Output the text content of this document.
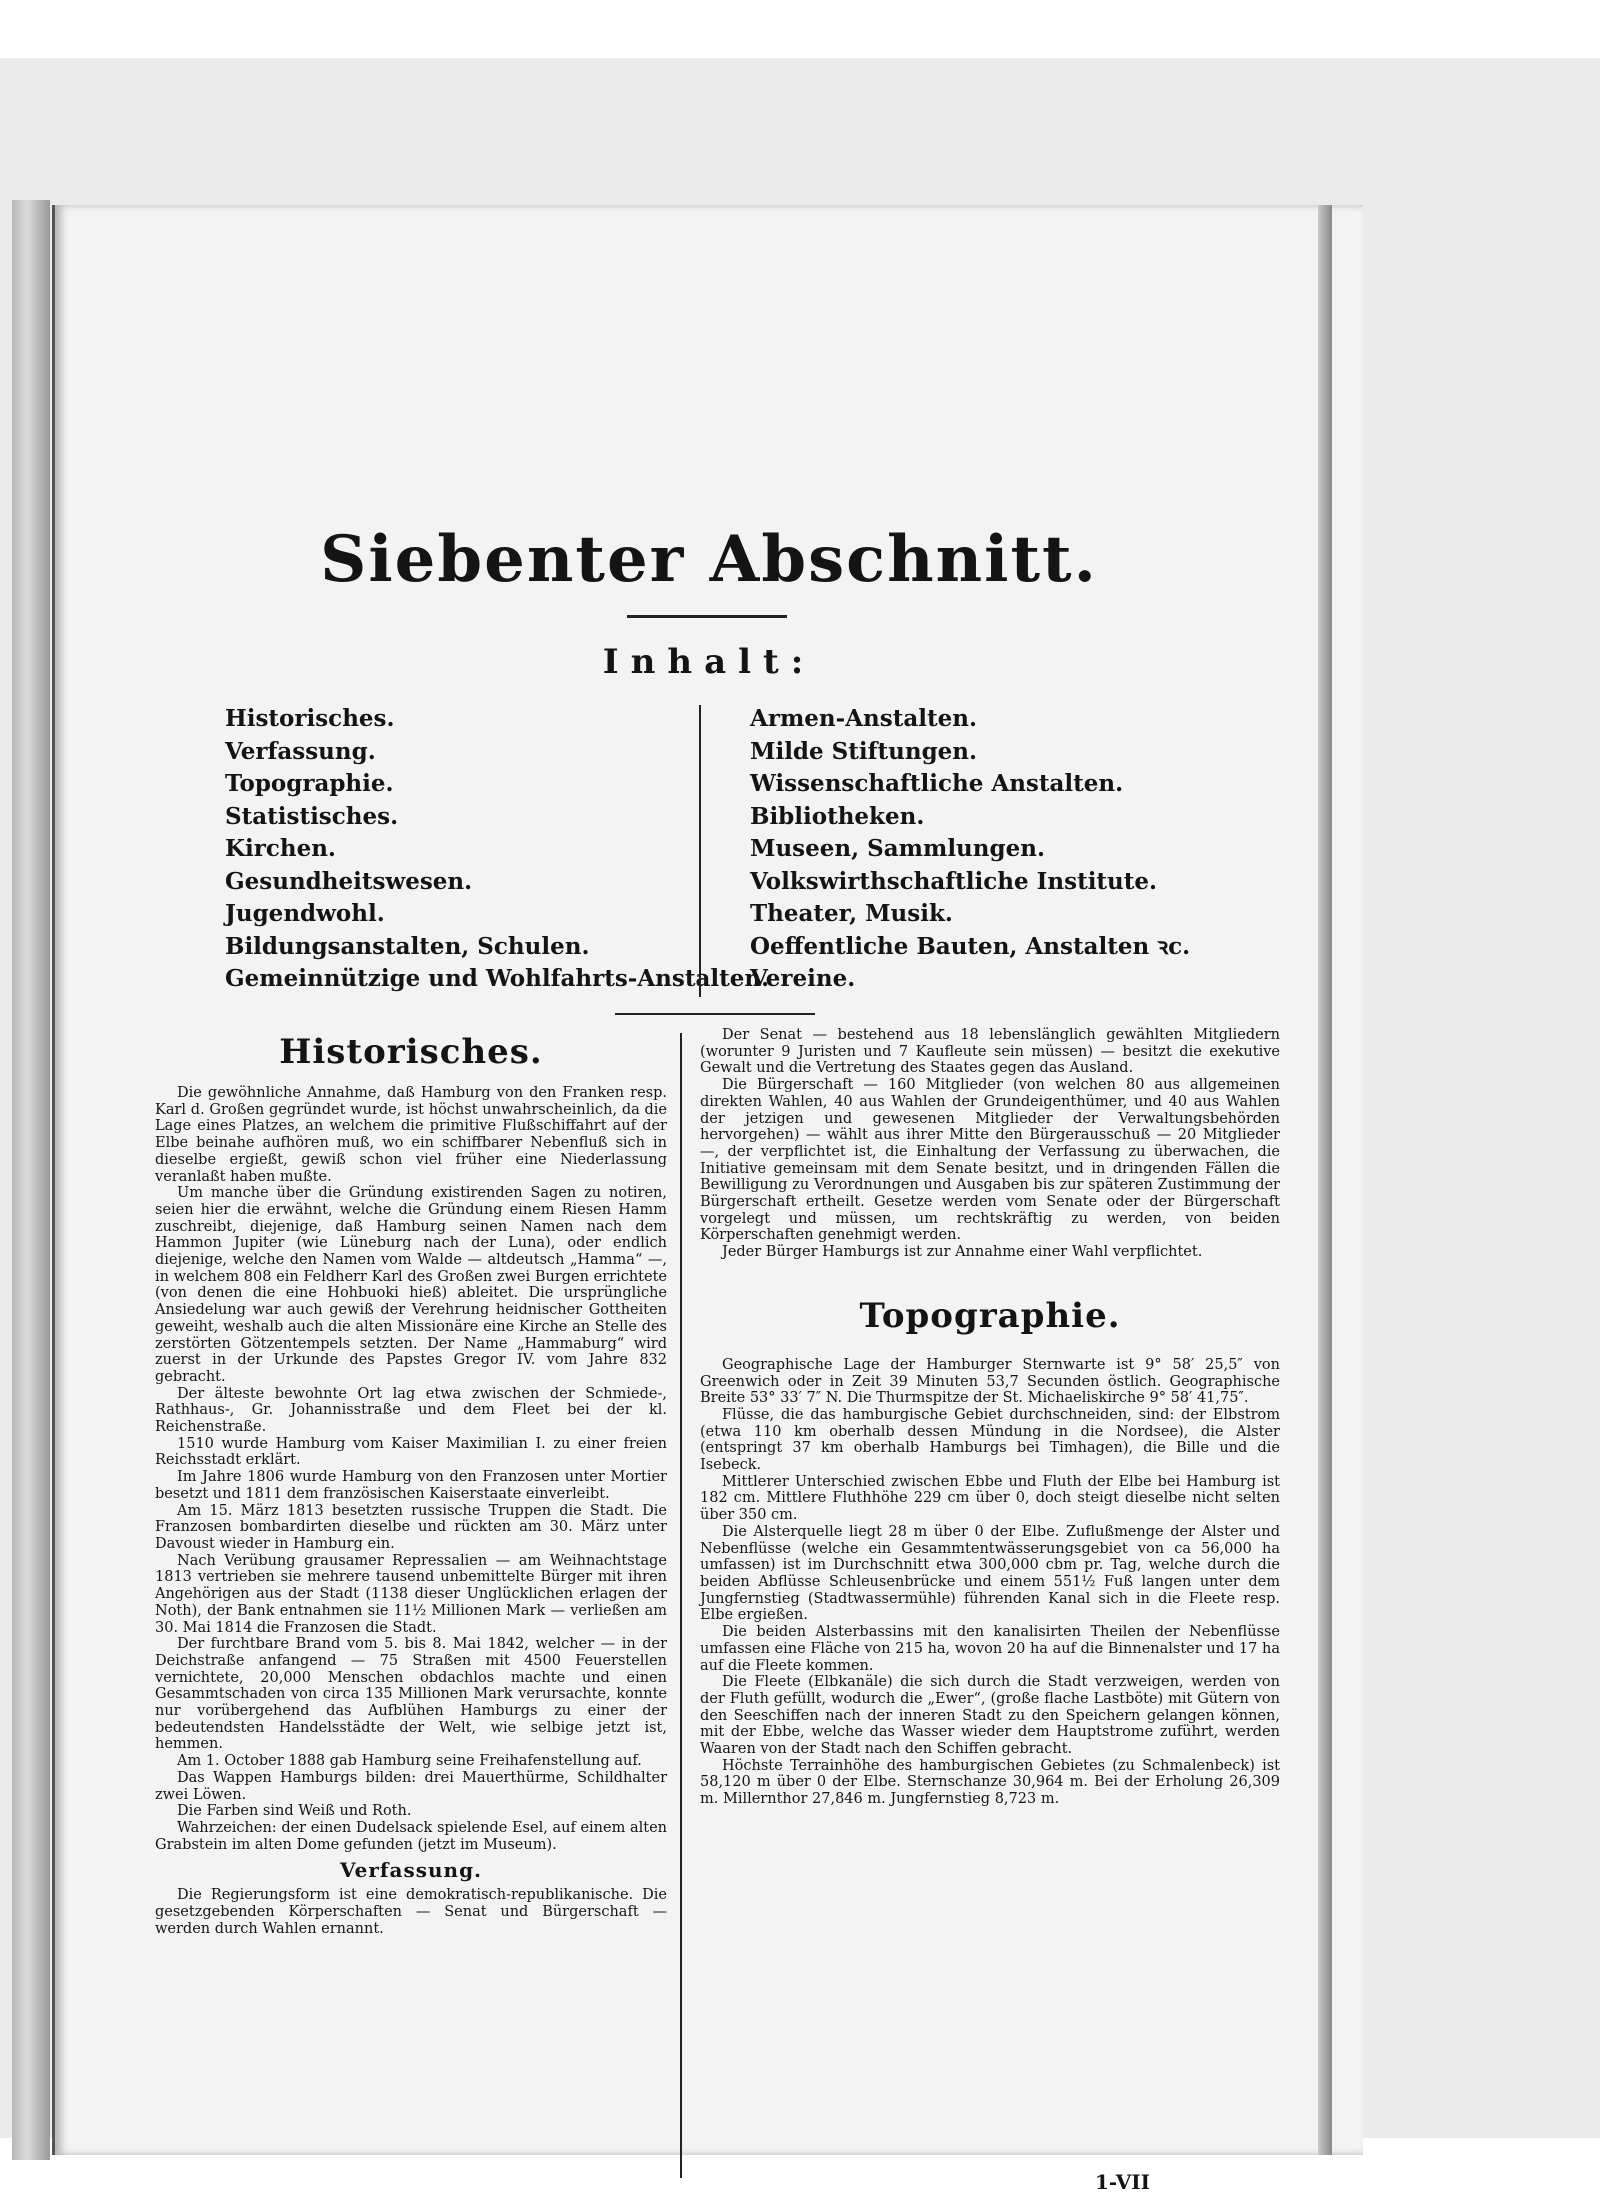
Siebenter Abschnitt.
Inhalt:
Historisches.
Verfassung.
Topographie.
Statistisches.
Kirchen.
Gesundheitswesen.
Jugendwohl.
Bildungsanstalten, Schulen.
Gemeinnützige und Wohlfahrts-Anstalten.
Armen-Anstalten.
Milde Stiftungen.
Wissenschaftliche Anstalten.
Bibliotheken.
Museen, Sammlungen.
Volkswirthschaftliche Institute.
Theater, Musik.
Oeffentliche Bauten, Anstalten ꝛc.
Vereine.
Historisches.

Die gewöhnliche Annahme, daß Hamburg von den Franken resp. Karl d. Großen gegründet wurde, ist höchst unwahrscheinlich, da die Lage eines Platzes, an welchem die primitive Flußschiffahrt auf der Elbe beinahe aufhören muß, wo ein schiffbarer Nebenfluß sich in dieselbe ergießt, gewiß schon viel früher eine Niederlassung veranlaßt haben mußte.

Um manche über die Gründung existirenden Sagen zu notiren, seien hier die erwähnt, welche die Gründung einem Riesen Hamm zuschreibt, diejenige, daß Hamburg seinen Namen nach dem Hammon Jupiter (wie Lüneburg nach der Luna), oder endlich diejenige, welche den Namen vom Walde — altdeutsch „Hamma“ —, in welchem 808 ein Feldherr Karl des Großen zwei Burgen errichtete (von denen die eine Hohbuoki hieß) ableitet. Die ursprüngliche Ansiedelung war auch gewiß der Verehrung heidnischer Gottheiten geweiht, weshalb auch die alten Missionäre eine Kirche an Stelle des zerstörten Götzentempels setzten. Der Name „Hammaburg“ wird zuerst in der Urkunde des Papstes Gregor IV. vom Jahre 832 gebracht.

Der älteste bewohnte Ort lag etwa zwischen der Schmiede-, Rathhaus-, Gr. Johannisstraße und dem Fleet bei der kl. Reichenstraße.

1510 wurde Hamburg vom Kaiser Maximilian I. zu einer freien Reichsstadt erklärt.

Im Jahre 1806 wurde Hamburg von den Franzosen unter Mortier besetzt und 1811 dem französischen Kaiserstaate einverleibt.

Am 15. März 1813 besetzten russische Truppen die Stadt. Die Franzosen bombardirten dieselbe und rückten am 30. März unter Davoust wieder in Hamburg ein.

Nach Verübung grausamer Repressalien — am Weihnachtstage 1813 vertrieben sie mehrere tausend unbemittelte Bürger mit ihren Angehörigen aus der Stadt (1138 dieser Unglücklichen erlagen der Noth), der Bank entnahmen sie 11½ Millionen Mark — verließen am 30. Mai 1814 die Franzosen die Stadt.

Der furchtbare Brand vom 5. bis 8. Mai 1842, welcher — in der Deichstraße anfangend — 75 Straßen mit 4500 Feuerstellen vernichtete, 20,000 Menschen obdachlos machte und einen Gesammtschaden von circa 135 Millionen Mark verursachte, konnte nur vorübergehend das Aufblühen Hamburgs zu einer der bedeutendsten Handelsstädte der Welt, wie selbige jetzt ist, hemmen.

Am 1. October 1888 gab Hamburg seine Freihafenstellung auf.

Das Wappen Hamburgs bilden: drei Mauerthürme, Schildhalter zwei Löwen.

Die Farben sind Weiß und Roth.

Wahrzeichen: der einen Dudelsack spielende Esel, auf einem alten Grabstein im alten Dome gefunden (jetzt im Museum).

Verfassung.

Die Regierungsform ist eine demokratisch-republikanische. Die gesetzgebenden Körperschaften — Senat und Bürgerschaft — werden durch Wahlen ernannt.

Der Senat — bestehend aus 18 lebenslänglich gewählten Mitgliedern (worunter 9 Juristen und 7 Kaufleute sein müssen) — besitzt die exekutive Gewalt und die Vertretung des Staates gegen das Ausland.

Die Bürgerschaft — 160 Mitglieder (von welchen 80 aus allgemeinen direkten Wahlen, 40 aus Wahlen der Grundeigenthümer, und 40 aus Wahlen der jetzigen und gewesenen Mitglieder der Verwaltungsbehörden hervorgehen) — wählt aus ihrer Mitte den Bürgerausschuß — 20 Mitglieder —, der verpflichtet ist, die Einhaltung der Verfassung zu überwachen, die Initiative gemeinsam mit dem Senate besitzt, und in dringenden Fällen die Bewilligung zu Verordnungen und Ausgaben bis zur späteren Zustimmung der Bürgerschaft ertheilt. Gesetze werden vom Senate oder der Bürgerschaft vorgelegt und müssen, um rechtskräftig zu werden, von beiden Körperschaften genehmigt werden.

Jeder Bürger Hamburgs ist zur Annahme einer Wahl verpflichtet.

Topographie.

Geographische Lage der Hamburger Sternwarte ist 9° 58′ 25,5″ von Greenwich oder in Zeit 39 Minuten 53,7 Secunden östlich. Geographische Breite 53° 33′ 7″ N. Die Thurmspitze der St. Michaeliskirche 9° 58′ 41,75″.

Flüsse, die das hamburgische Gebiet durchschneiden, sind: der Elbstrom (etwa 110 km oberhalb dessen Mündung in die Nordsee), die Alster (entspringt 37 km oberhalb Hamburgs bei Timhagen), die Bille und die Isebeck.

Mittlerer Unterschied zwischen Ebbe und Fluth der Elbe bei Hamburg ist 182 cm. Mittlere Fluthhöhe 229 cm über 0, doch steigt dieselbe nicht selten über 350 cm.

Die Alsterquelle liegt 28 m über 0 der Elbe. Zuflußmenge der Alster und Nebenflüsse (welche ein Gesammtentwässerungsgebiet von ca 56,000 ha umfassen) ist im Durchschnitt etwa 300,000 cbm pr. Tag, welche durch die beiden Abflüsse Schleusenbrücke und einem 551½ Fuß langen unter dem Jungfernstieg (Stadtwassermühle) führenden Kanal sich in die Fleete resp. Elbe ergießen.

Die beiden Alsterbassins mit den kanalisirten Theilen der Nebenflüsse umfassen eine Fläche von 215 ha, wovon 20 ha auf die Binnenalster und 17 ha auf die Fleete kommen.

Die Fleete (Elbkanäle) die sich durch die Stadt verzweigen, werden von der Fluth gefüllt, wodurch die „Ewer“, (große flache Lastböte) mit Gütern von den Seeschiffen nach der inneren Stadt zu den Speichern gelangen können, mit der Ebbe, welche das Wasser wieder dem Hauptstrome zuführt, werden Waaren von der Stadt nach den Schiffen gebracht.

Höchste Terrainhöhe des hamburgischen Gebietes (zu Schmalenbeck) ist 58,120 m über 0 der Elbe. Sternschanze 30,964 m. Bei der Erholung 26,309 m. Millernthor 27,846 m. Jungfernstieg 8,723 m.

1-VII
